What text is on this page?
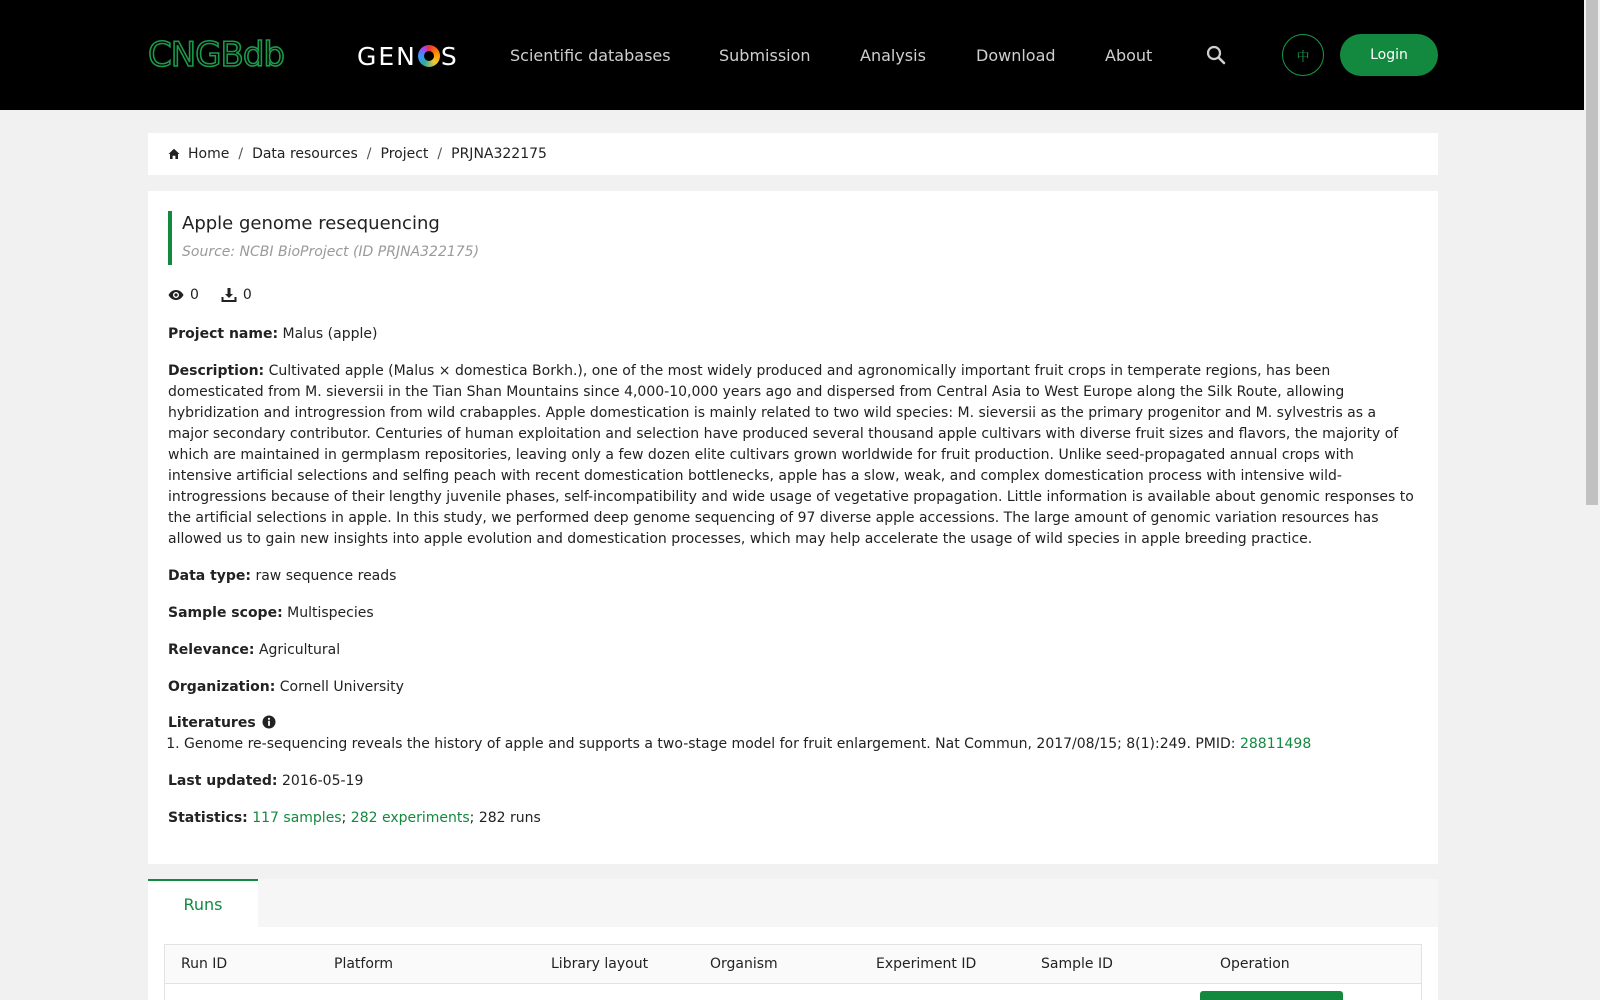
CNGBdb	GEN S	Scientific databases	Submission	Analysis	Download	About	中	Login
Home / Data resources / Project / PRJNA322175
Apple genome resequencing
Source: NCBI BioProject (ID PRJNA322175)
0	0
Project name: Malus (apple)
Description: Cultivated apple (Malus × domestica Borkh.), one of the most widely produced and agronomically important fruit crops in temperate regions, has been domesticated from M. sieversii in the Tian Shan Mountains since 4,000-10,000 years ago and dispersed from Central Asia to West Europe along the Silk Route, allowing hybridization and introgression from wild crabapples. Apple domestication is mainly related to two wild species: M. sieversii as the primary progenitor and M. sylvestris as a major secondary contributor. Centuries of human exploitation and selection have produced several thousand apple cultivars with diverse fruit sizes and flavors, the majority of which are maintained in germplasm repositories, leaving only a few dozen elite cultivars grown worldwide for fruit production. Unlike seed-propagated annual crops with intensive artificial selections and selfing peach with recent domestication bottlenecks, apple has a slow, weak, and complex domestication process with intensive wild-introgressions because of their lengthy juvenile phases, self-incompatibility and wide usage of vegetative propagation. Little information is available about genomic responses to the artificial selections in apple. In this study, we performed deep genome sequencing of 97 diverse apple accessions. The large amount of genomic variation resources has allowed us to gain new insights into apple evolution and domestication processes, which may help accelerate the usage of wild species in apple breeding practice.
Data type: raw sequence reads
Sample scope: Multispecies
Relevance: Agricultural
Organization: Cornell University
Literatures
1. Genome re-sequencing reveals the history of apple and supports a two-stage model for fruit enlargement. Nat Commun, 2017/08/15; 8(1):249. PMID: 28811498
Last updated: 2016-05-19
Statistics: 117 samples; 282 experiments; 282 runs
Runs
Run ID	Platform	Library layout	Organism	Experiment ID	Sample ID	Operation
